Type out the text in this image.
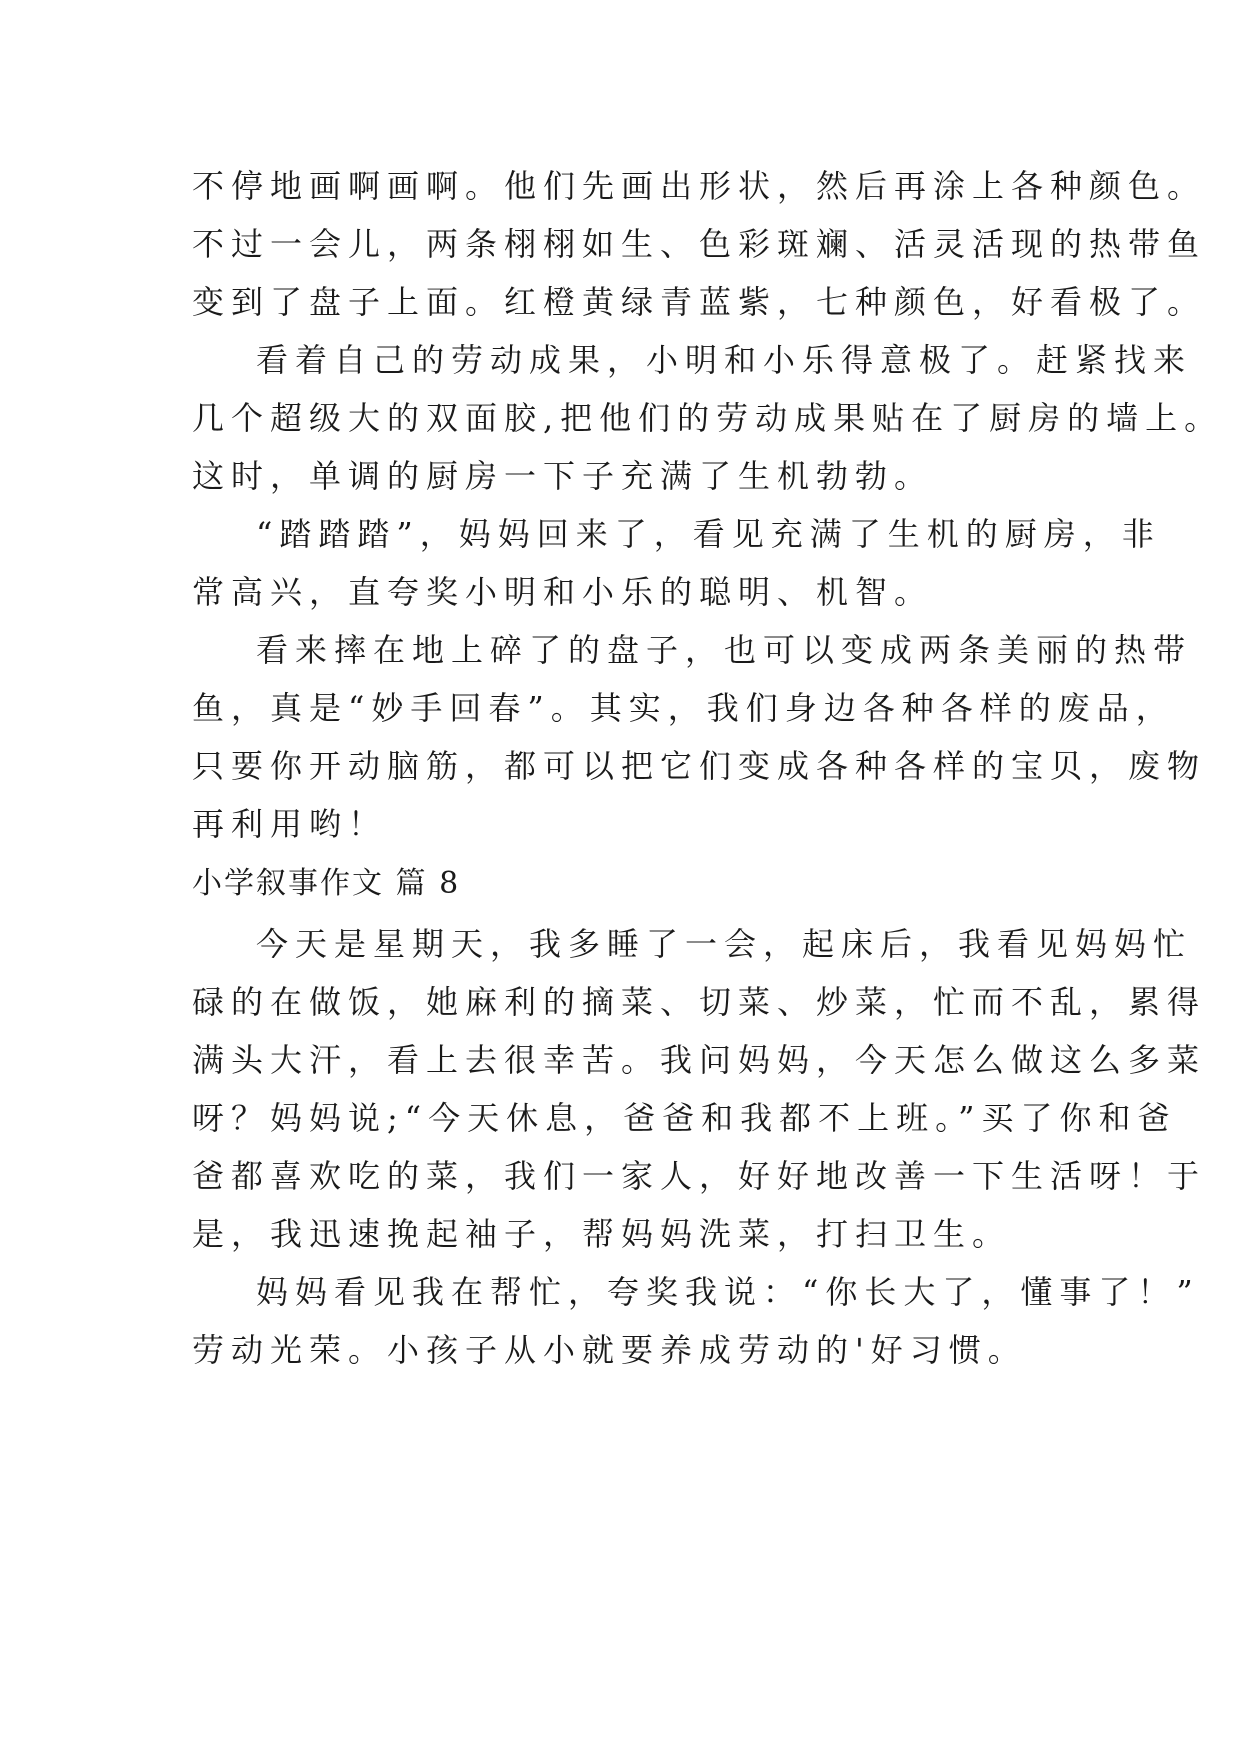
不停地画啊画啊。他们先画出形状，然后再涂上各种颜色。
不过一会儿，两条栩栩如生、色彩斑斓、活灵活现的热带鱼
变到了盘子上面。红橙黄绿青蓝紫，七种颜色，好看极了。
看着自己的劳动成果，小明和小乐得意极了。赶紧找来
几个超级大的双面胶,把他们的劳动成果贴在了厨房的墙上。
这时，单调的厨房一下子充满了生机勃勃。
“踏踏踏”，妈妈回来了，看见充满了生机的厨房，非
常高兴，直夸奖小明和小乐的聪明、机智。
看来摔在地上碎了的盘子，也可以变成两条美丽的热带
鱼，真是“妙手回春”。其实，我们身边各种各样的废品，
只要你开动脑筋，都可以把它们变成各种各样的宝贝，废物
再利用哟！
小学叙事作文 篇 8
今天是星期天，我多睡了一会，起床后，我看见妈妈忙
碌的在做饭，她麻利的摘菜、切菜、炒菜，忙而不乱，累得
满头大汗，看上去很幸苦。我问妈妈，今天怎么做这么多菜
呀？妈妈说;“今天休息，爸爸和我都不上班。”买了你和爸
爸都喜欢吃的菜，我们一家人，好好地改善一下生活呀！于
是，我迅速挽起袖子，帮妈妈洗菜，打扫卫生。
妈妈看见我在帮忙，夸奖我说：“你长大了，懂事了！”
劳动光荣。小孩子从小就要养成劳动的'好习惯。
